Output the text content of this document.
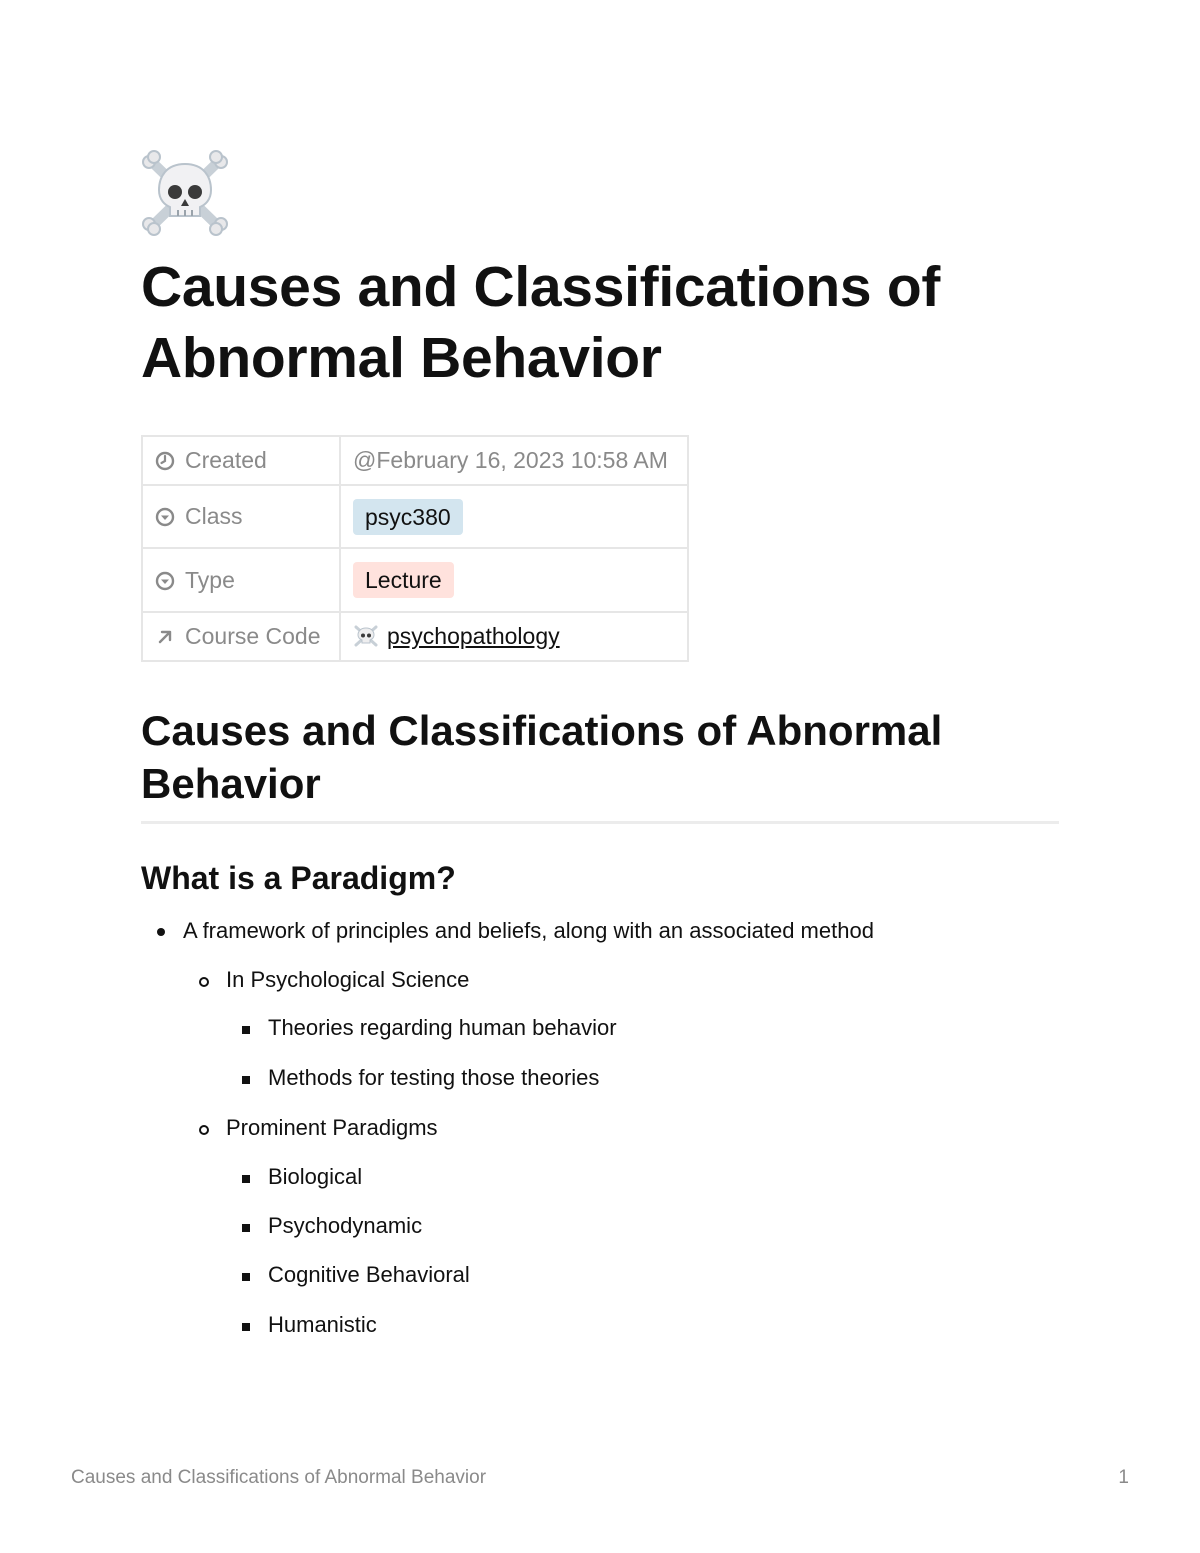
Causes and Classifications of Abnormal Behavior
Created	@February 16, 2023 10:58 AM
Class	psyc380
Type	Lecture
Course Code	psychopathology
Causes and Classifications of Abnormal Behavior
What is a Paradigm?
A framework of principles and beliefs, along with an associated method
In Psychological Science
Theories regarding human behavior
Methods for testing those theories
Prominent Paradigms
Biological
Psychodynamic
Cognitive Behavioral
Humanistic
Causes and Classifications of Abnormal Behavior	1
